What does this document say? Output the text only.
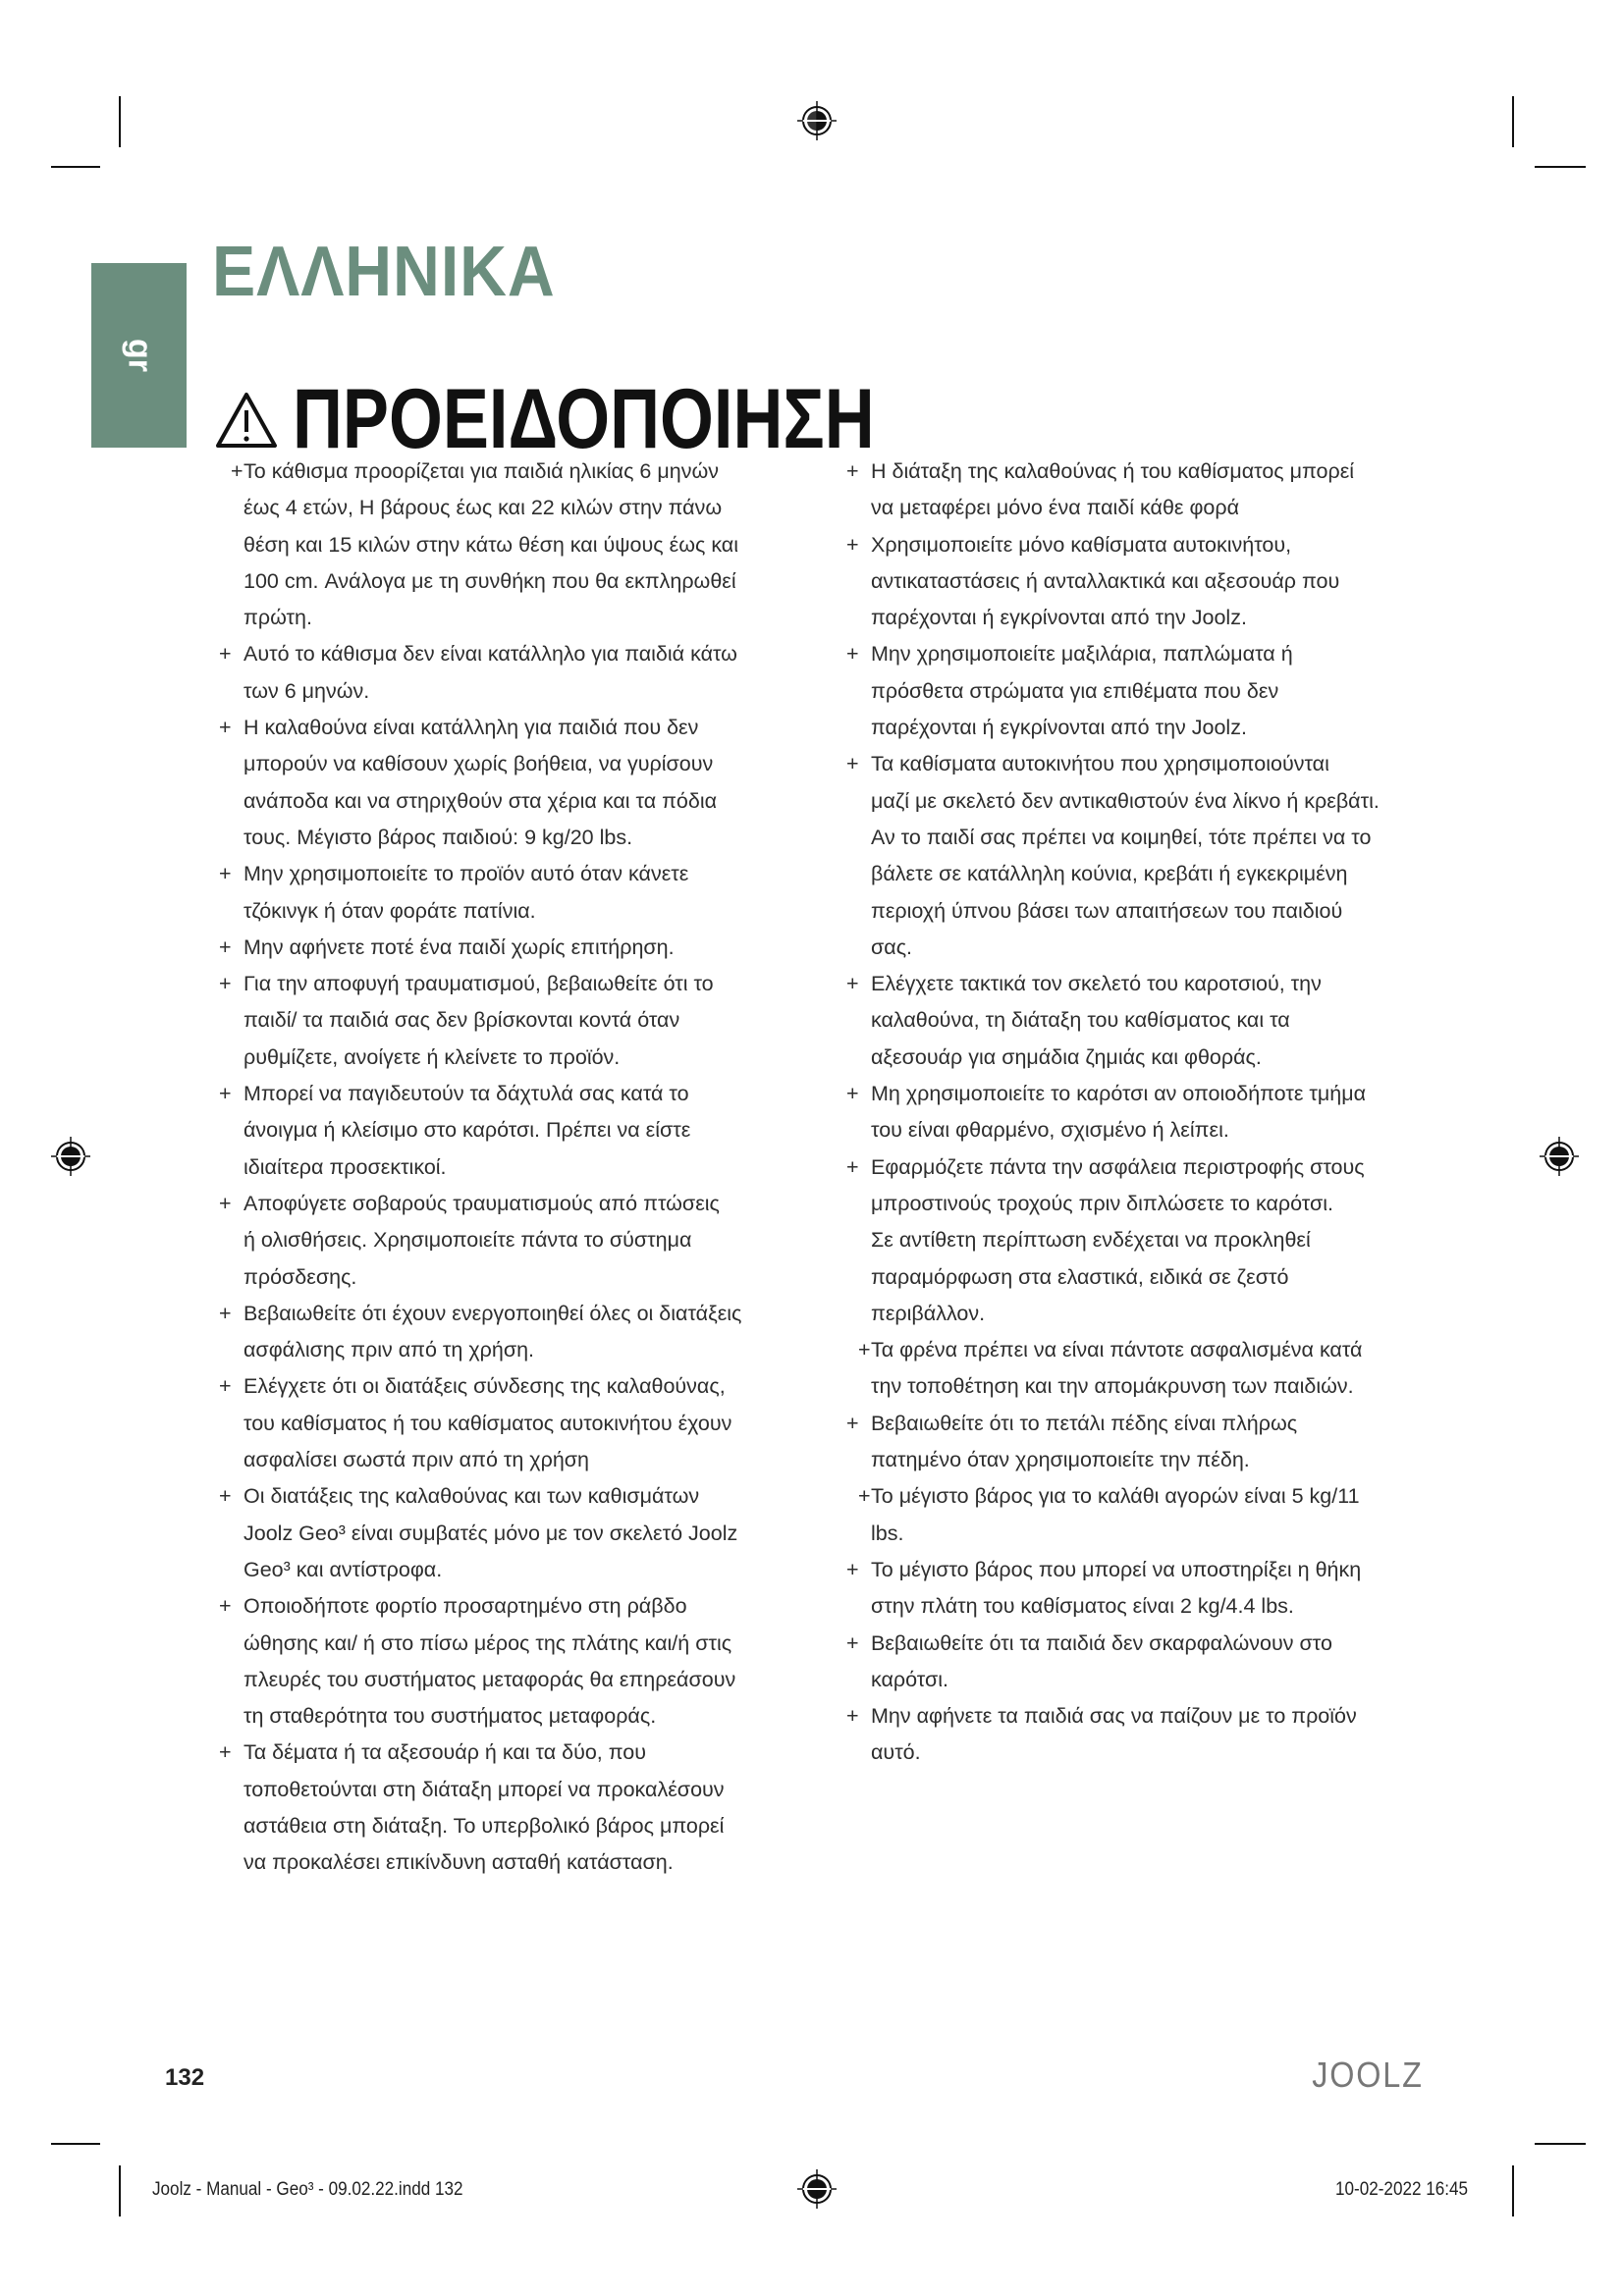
gr
ΕΛΛΗΝΙΚΑ
ΠΡΟΕΙΔΟΠΟΙΗΣΗ
+ Το κάθισμα προορίζεται για παιδιά ηλικίας 6 μηνών
έως 4 ετών, Η βάρους έως και 22 κιλών στην πάνω
θέση και 15 κιλών στην κάτω θέση και ύψους έως και
100 cm. Ανάλογα με τη συνθήκη που θα εκπληρωθεί
πρώτη.
+ Αυτό το κάθισμα δεν είναι κατάλληλο για παιδιά κάτω
των 6 μηνών.
+ Η καλαθούνα είναι κατάλληλη για παιδιά που δεν
μπορούν να καθίσουν χωρίς βοήθεια, να γυρίσουν
ανάποδα και να στηριχθούν στα χέρια και τα πόδια
τους. Μέγιστο βάρος παιδιού: 9 kg/20 lbs.
+ Μην χρησιμοποιείτε το προϊόν αυτό όταν κάνετε
τζόκινγκ ή όταν φοράτε πατίνια.
+ Μην αφήνετε ποτέ ένα παιδί χωρίς επιτήρηση.
+ Για την αποφυγή τραυματισμού, βεβαιωθείτε ότι το
παιδί/ τα παιδιά σας δεν βρίσκονται κοντά όταν
ρυθμίζετε, ανοίγετε ή κλείνετε το προϊόν.
+ Μπορεί να παγιδευτούν τα δάχτυλά σας κατά το
άνοιγμα ή κλείσιμο στο καρότσι. Πρέπει να είστε
ιδιαίτερα προσεκτικοί.
+ Αποφύγετε σοβαρούς τραυματισμούς από πτώσεις
ή ολισθήσεις. Χρησιμοποιείτε πάντα το σύστημα
πρόσδεσης.
+ Βεβαιωθείτε ότι έχουν ενεργοποιηθεί όλες οι διατάξεις
ασφάλισης πριν από τη χρήση.
+ Ελέγχετε ότι οι διατάξεις σύνδεσης της καλαθούνας,
του καθίσματος ή του καθίσματος αυτοκινήτου έχουν
ασφαλίσει σωστά πριν από τη χρήση
+ Οι διατάξεις της καλαθούνας και των καθισμάτων
Joolz Geo³ είναι συμβατές μόνο με τον σκελετό Joolz
Geo³ και αντίστροφα.
+ Οποιοδήποτε φορτίο προσαρτημένο στη ράβδο
ώθησης και/ ή στο πίσω μέρος της πλάτης και/ή στις
πλευρές του συστήματος μεταφοράς θα επηρεάσουν
τη σταθερότητα του συστήματος μεταφοράς.
+ Τα δέματα ή τα αξεσουάρ ή και τα δύο, που
τοποθετούνται στη διάταξη μπορεί να προκαλέσουν
αστάθεια στη διάταξη. Το υπερβολικό βάρος μπορεί
να προκαλέσει επικίνδυνη ασταθή κατάσταση.
+ Η διάταξη της καλαθούνας ή του καθίσματος μπορεί
να μεταφέρει μόνο ένα παιδί κάθε φορά
+ Χρησιμοποιείτε μόνο καθίσματα αυτοκινήτου,
αντικαταστάσεις ή ανταλλακτικά και αξεσουάρ που
παρέχονται ή εγκρίνονται από την Joolz.
+ Μην χρησιμοποιείτε μαξιλάρια, παπλώματα ή
πρόσθετα στρώματα για επιθέματα που δεν
παρέχονται ή εγκρίνονται από την Joolz.
+ Τα καθίσματα αυτοκινήτου που χρησιμοποιούνται
μαζί με σκελετό δεν αντικαθιστούν ένα λίκνο ή κρεβάτι.
Αν το παιδί σας πρέπει να κοιμηθεί, τότε πρέπει να το
βάλετε σε κατάλληλη κούνια, κρεβάτι ή εγκεκριμένη
περιοχή ύπνου βάσει των απαιτήσεων του παιδιού
σας.
+ Ελέγχετε τακτικά τον σκελετό του καροτσιού, την
καλαθούνα, τη διάταξη του καθίσματος και τα
αξεσουάρ για σημάδια ζημιάς και φθοράς.
+ Μη χρησιμοποιείτε το καρότσι αν οποιοδήποτε τμήμα
του είναι φθαρμένο, σχισμένο ή λείπει.
+ Εφαρμόζετε πάντα την ασφάλεια περιστροφής στους
μπροστινούς τροχούς πριν διπλώσετε το καρότσι.
Σε αντίθετη περίπτωση ενδέχεται να προκληθεί
παραμόρφωση στα ελαστικά, ειδικά σε ζεστό
περιβάλλον.
+ Τα φρένα πρέπει να είναι πάντοτε ασφαλισμένα κατά
την τοποθέτηση και την απομάκρυνση των παιδιών.
+ Βεβαιωθείτε ότι το πετάλι πέδης είναι πλήρως
πατημένο όταν χρησιμοποιείτε την πέδη.
+ Το μέγιστο βάρος για το καλάθι αγορών είναι 5 kg/11
lbs.
+ Το μέγιστο βάρος που μπορεί να υποστηρίξει η θήκη
στην πλάτη του καθίσματος είναι 2 kg/4.4 lbs.
+ Βεβαιωθείτε ότι τα παιδιά δεν σκαρφαλώνουν στο
καρότσι.
+ Μην αφήνετε τα παιδιά σας να παίζουν με το προϊόν
αυτό.
132	JOOLZ
Joolz - Manual - Geo³ - 09.02.22.indd 132	10-02-2022 16:45
